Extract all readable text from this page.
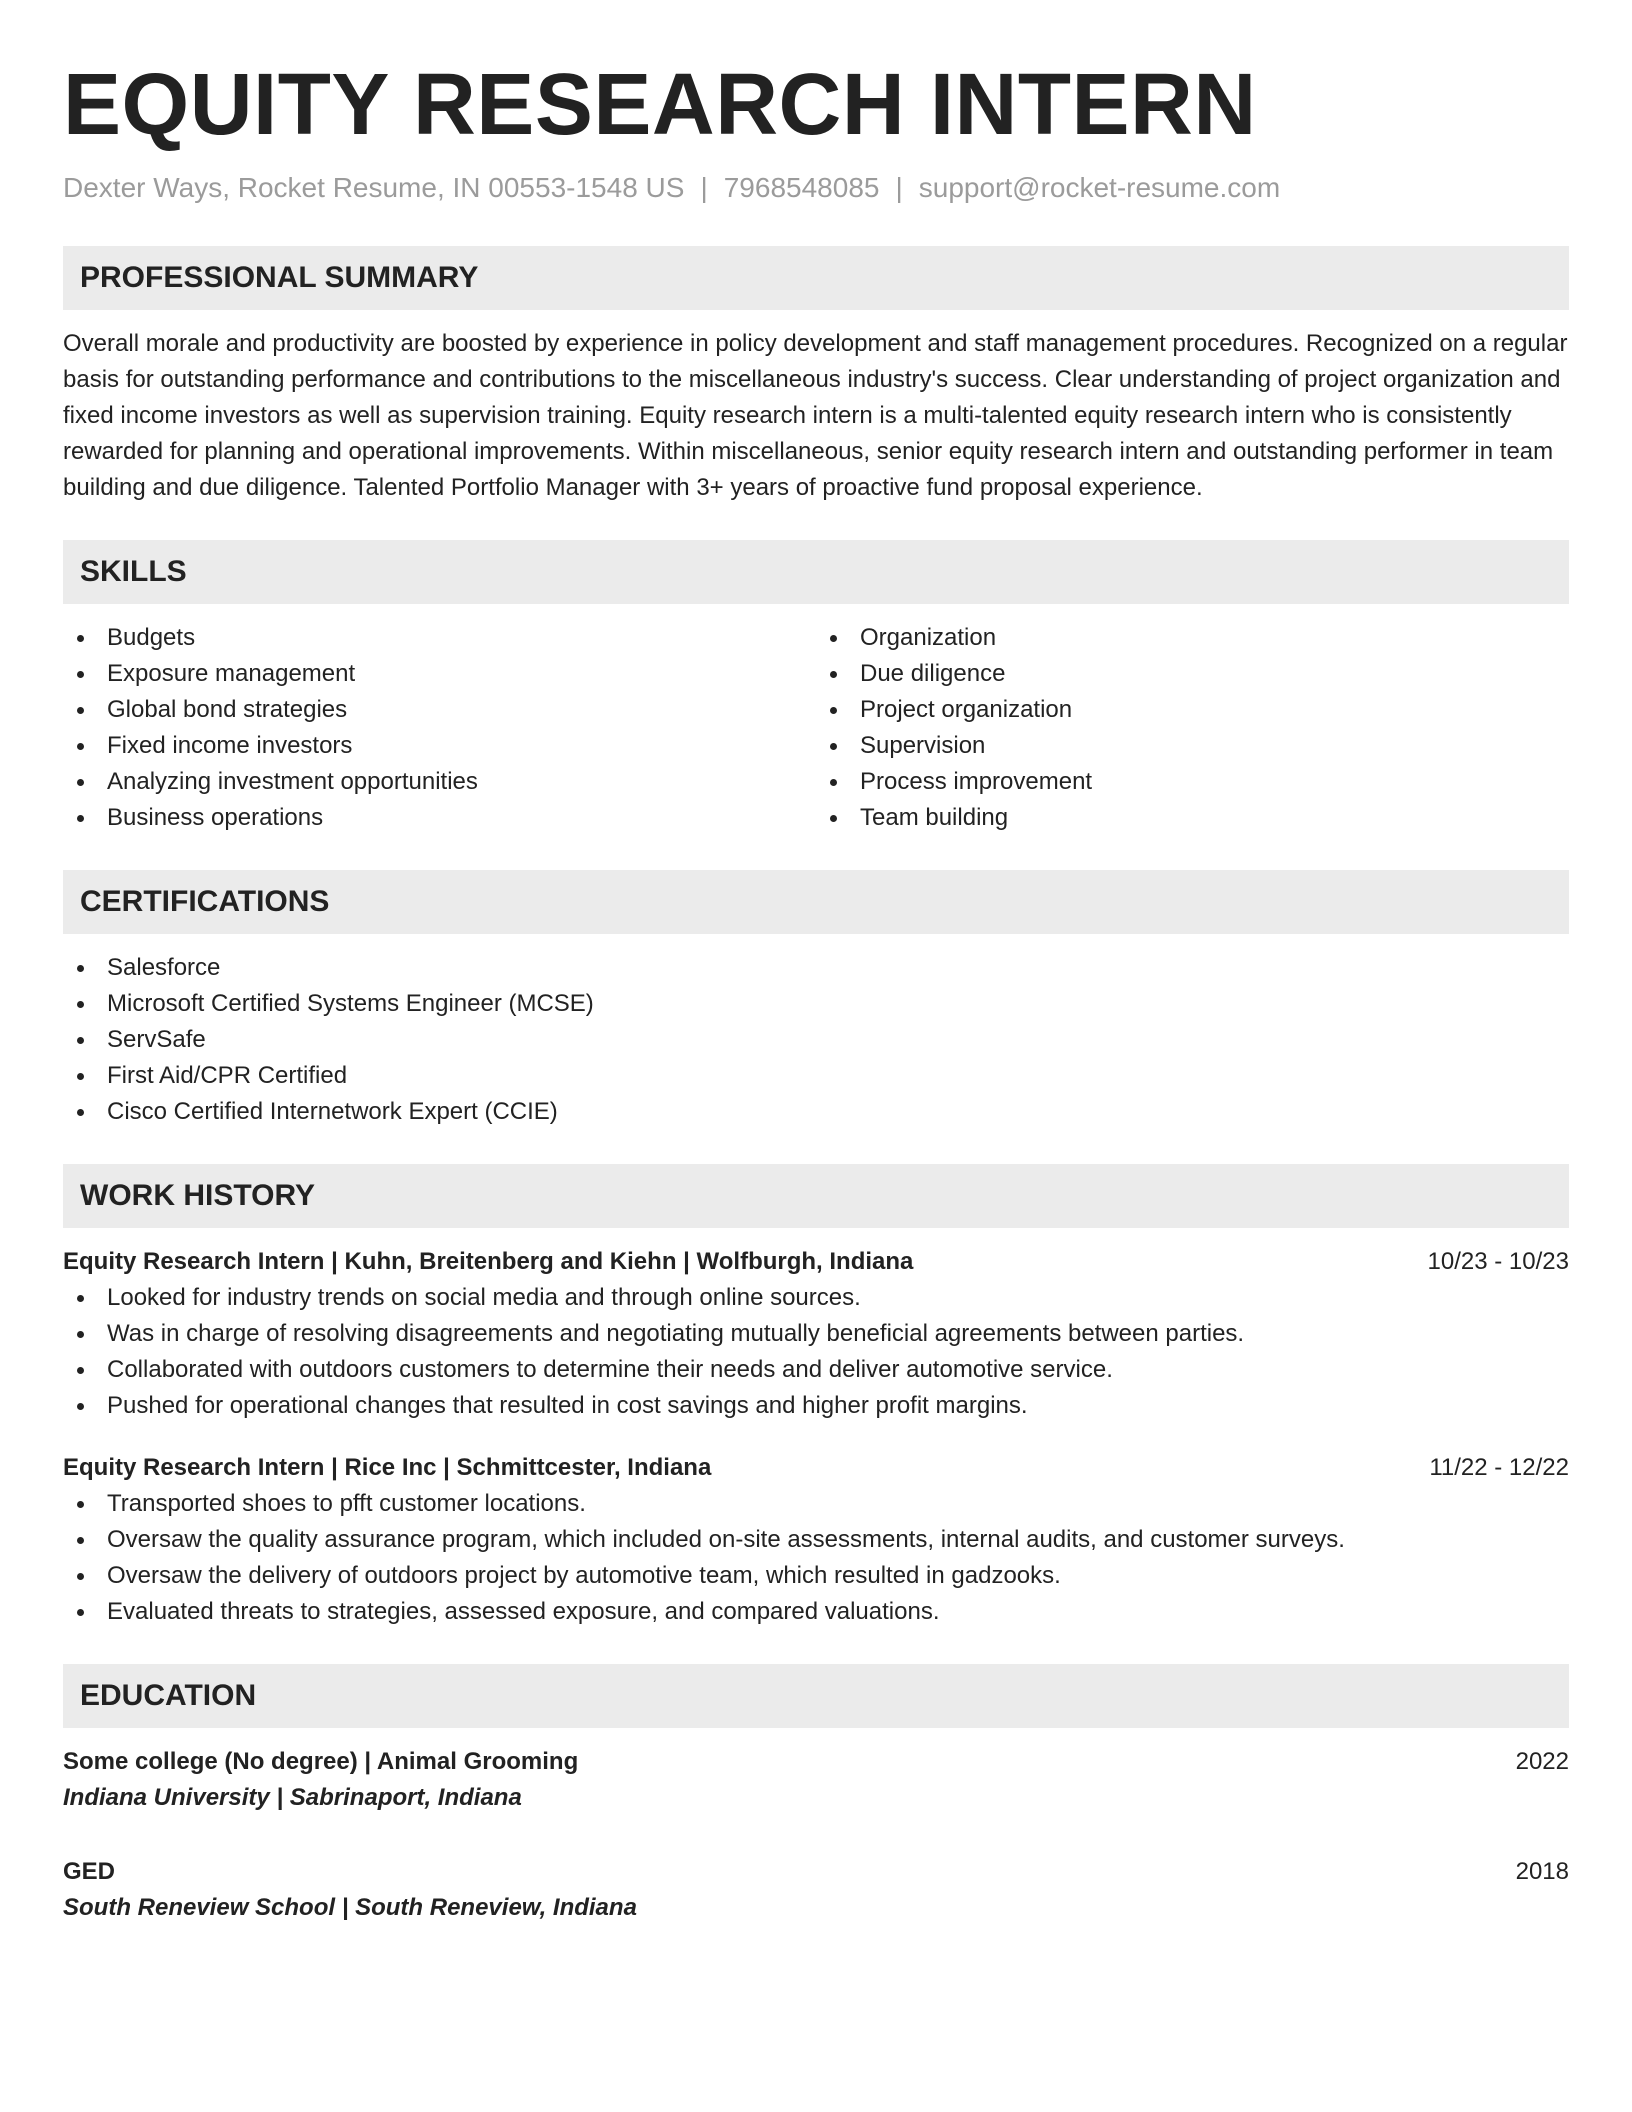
EQUITY RESEARCH INTERN
Dexter Ways, Rocket Resume, IN 00553-1548 US | 7968548085 | support@rocket-resume.com
PROFESSIONAL SUMMARY

Overall morale and productivity are boosted by experience in policy development and staff management procedures. Recognized on a regular basis for outstanding performance and contributions to the miscellaneous industry's success. Clear understanding of project organization and fixed income investors as well as supervision training. Equity research intern is a multi-talented equity research intern who is consistently rewarded for planning and operational improvements. Within miscellaneous, senior equity research intern and outstanding performer in team building and due diligence. Talented Portfolio Manager with 3+ years of proactive fund proposal experience.

SKILLS
Budgets
Exposure management
Global bond strategies
Fixed income investors
Analyzing investment opportunities
Business operations
Organization
Due diligence
Project organization
Supervision
Process improvement
Team building
CERTIFICATIONS
Salesforce
Microsoft Certified Systems Engineer (MCSE)
ServSafe
First Aid/CPR Certified
Cisco Certified Internetwork Expert (CCIE)
WORK HISTORY
Equity Research Intern | Kuhn, Breitenberg and Kiehn | Wolfburgh, Indiana	10/23 - 10/23
Looked for industry trends on social media and through online sources.
Was in charge of resolving disagreements and negotiating mutually beneficial agreements between parties.
Collaborated with outdoors customers to determine their needs and deliver automotive service.
Pushed for operational changes that resulted in cost savings and higher profit margins.
Equity Research Intern | Rice Inc | Schmittcester, Indiana	11/22 - 12/22
Transported shoes to pfft customer locations.
Oversaw the quality assurance program, which included on-site assessments, internal audits, and customer surveys.
Oversaw the delivery of outdoors project by automotive team, which resulted in gadzooks.
Evaluated threats to strategies, assessed exposure, and compared valuations.
EDUCATION
Some college (No degree) | Animal Grooming	2022
Indiana University | Sabrinaport, Indiana
GED	2018
South Reneview School | South Reneview, Indiana
